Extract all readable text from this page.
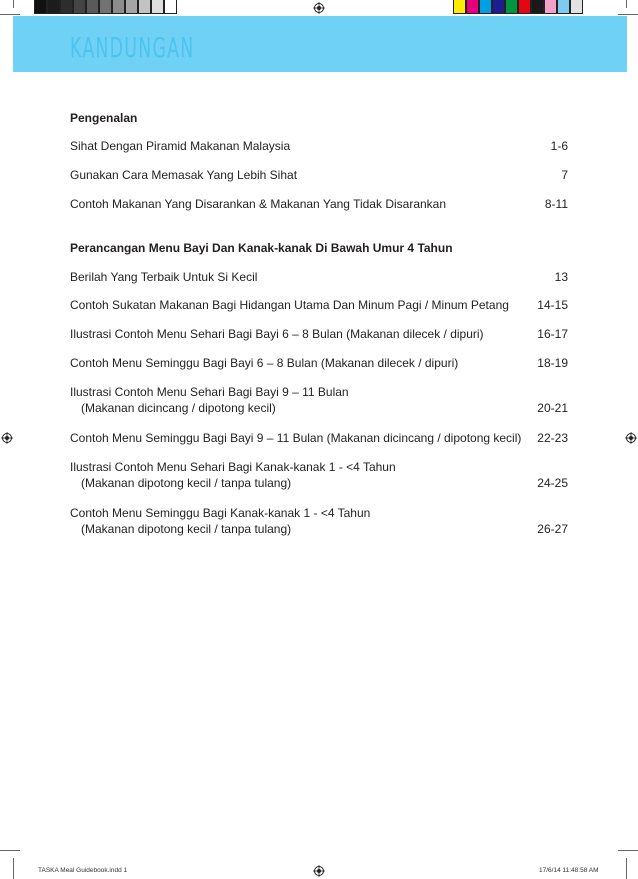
KANDUNGAN
Pengenalan
Sihat Dengan Piramid Makanan Malaysia	1-6
Gunakan Cara Memasak Yang Lebih Sihat	7
Contoh Makanan Yang Disarankan & Makanan Yang Tidak Disarankan	8-11
Perancangan Menu Bayi Dan Kanak-kanak Di Bawah Umur 4 Tahun
Berilah Yang Terbaik Untuk Si Kecil	13
Contoh Sukatan Makanan Bagi Hidangan Utama Dan Minum Pagi / Minum Petang	14-15
Ilustrasi Contoh Menu Sehari Bagi Bayi 6 – 8 Bulan (Makanan dilecek / dipuri)	16-17
Contoh Menu Seminggu Bagi Bayi 6 – 8 Bulan (Makanan dilecek / dipuri)	18-19
Ilustrasi Contoh Menu Sehari Bagi Bayi 9 – 11 Bulan
(Makanan dicincang / dipotong kecil)	20-21
Contoh Menu Seminggu Bagi Bayi 9 – 11 Bulan (Makanan dicincang / dipotong kecil)	22-23
Ilustrasi Contoh Menu Sehari Bagi Kanak-kanak 1 - <4 Tahun
(Makanan dipotong kecil / tanpa tulang)	24-25
Contoh Menu Seminggu Bagi Kanak-kanak 1 - <4 Tahun
(Makanan dipotong kecil / tanpa tulang)	26-27
TASKA Meal Guidebook.indd 1	17/6/14 11:48:58 AM
